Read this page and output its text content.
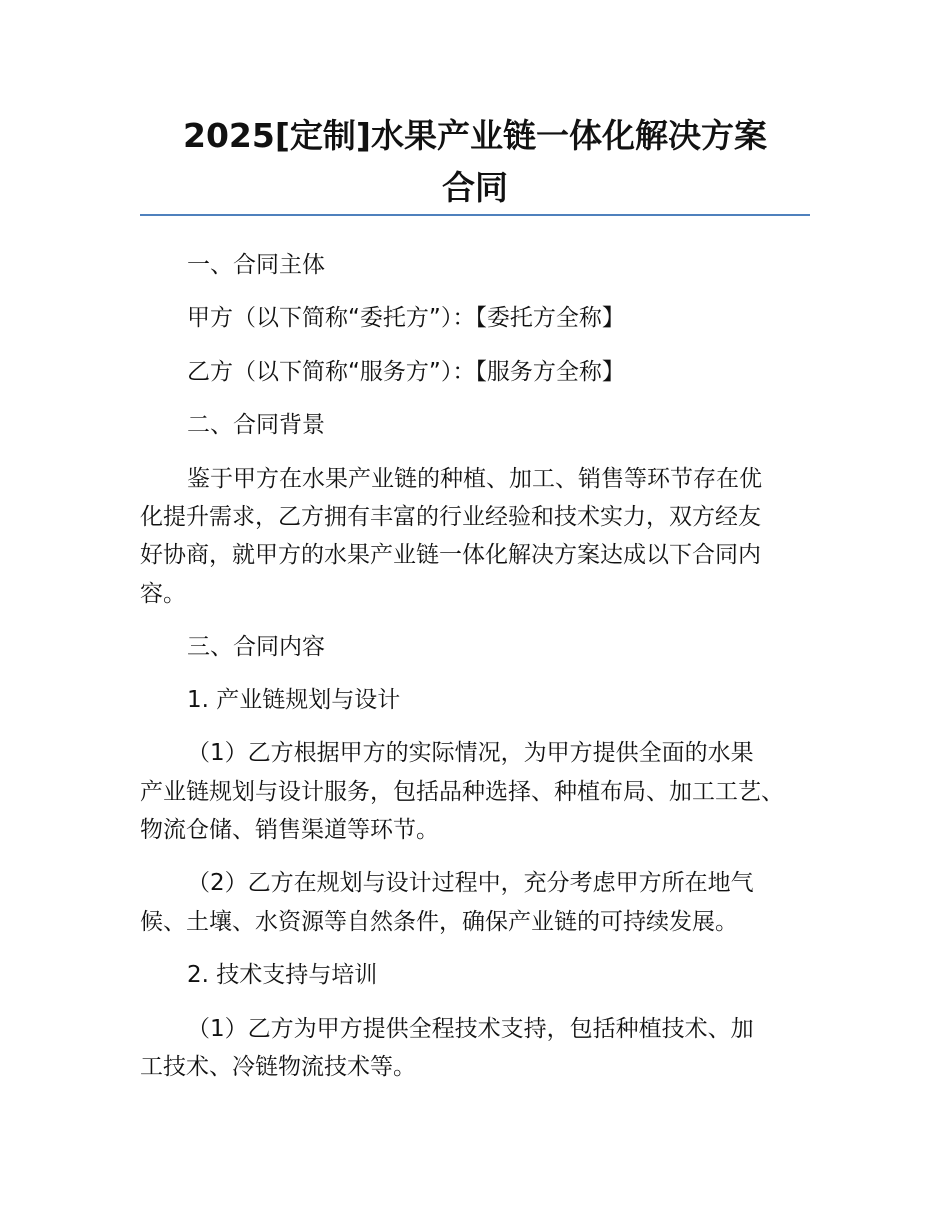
2025[定制]水果产业链一体化解决方案
合同

一、合同主体

甲方（以下简称“委托方”）：【委托方全称】

乙方（以下简称“服务方”）：【服务方全称】

二、合同背景

鉴于甲方在水果产业链的种植、加工、销售等环节存在优

化提升需求，乙方拥有丰富的行业经验和技术实力，双方经友

好协商，就甲方的水果产业链一体化解决方案达成以下合同内

容。

三、合同内容

1. 产业链规划与设计

（1）乙方根据甲方的实际情况，为甲方提供全面的水果

产业链规划与设计服务，包括品种选择、种植布局、加工工艺、

物流仓储、销售渠道等环节。

（2）乙方在规划与设计过程中，充分考虑甲方所在地气

候、土壤、水资源等自然条件，确保产业链的可持续发展。

2. 技术支持与培训

（1）乙方为甲方提供全程技术支持，包括种植技术、加

工技术、冷链物流技术等。
